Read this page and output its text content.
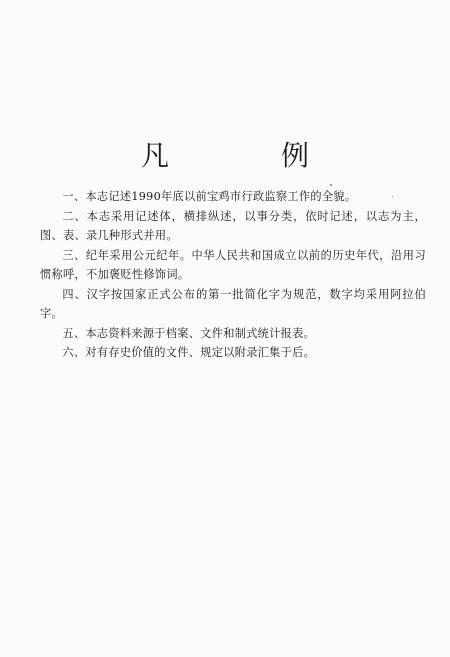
凡　例

一、本志记述1990年底以前宝鸡市行政监察工作的全貌。

二、本志采用记述体，横排纵述，以事分类，依时记述，以志为主，图、表、录几种形式并用。

三、纪年采用公元纪年。中华人民共和国成立以前的历史年代，沿用习惯称呼，不加褒贬性修饰词。

四、汉字按国家正式公布的第一批简化字为规范，数字均采用阿拉伯字。

五、本志资料来源于档案、文件和制式统计报表。

六、对有存史价值的文件、规定以附录汇集于后。
